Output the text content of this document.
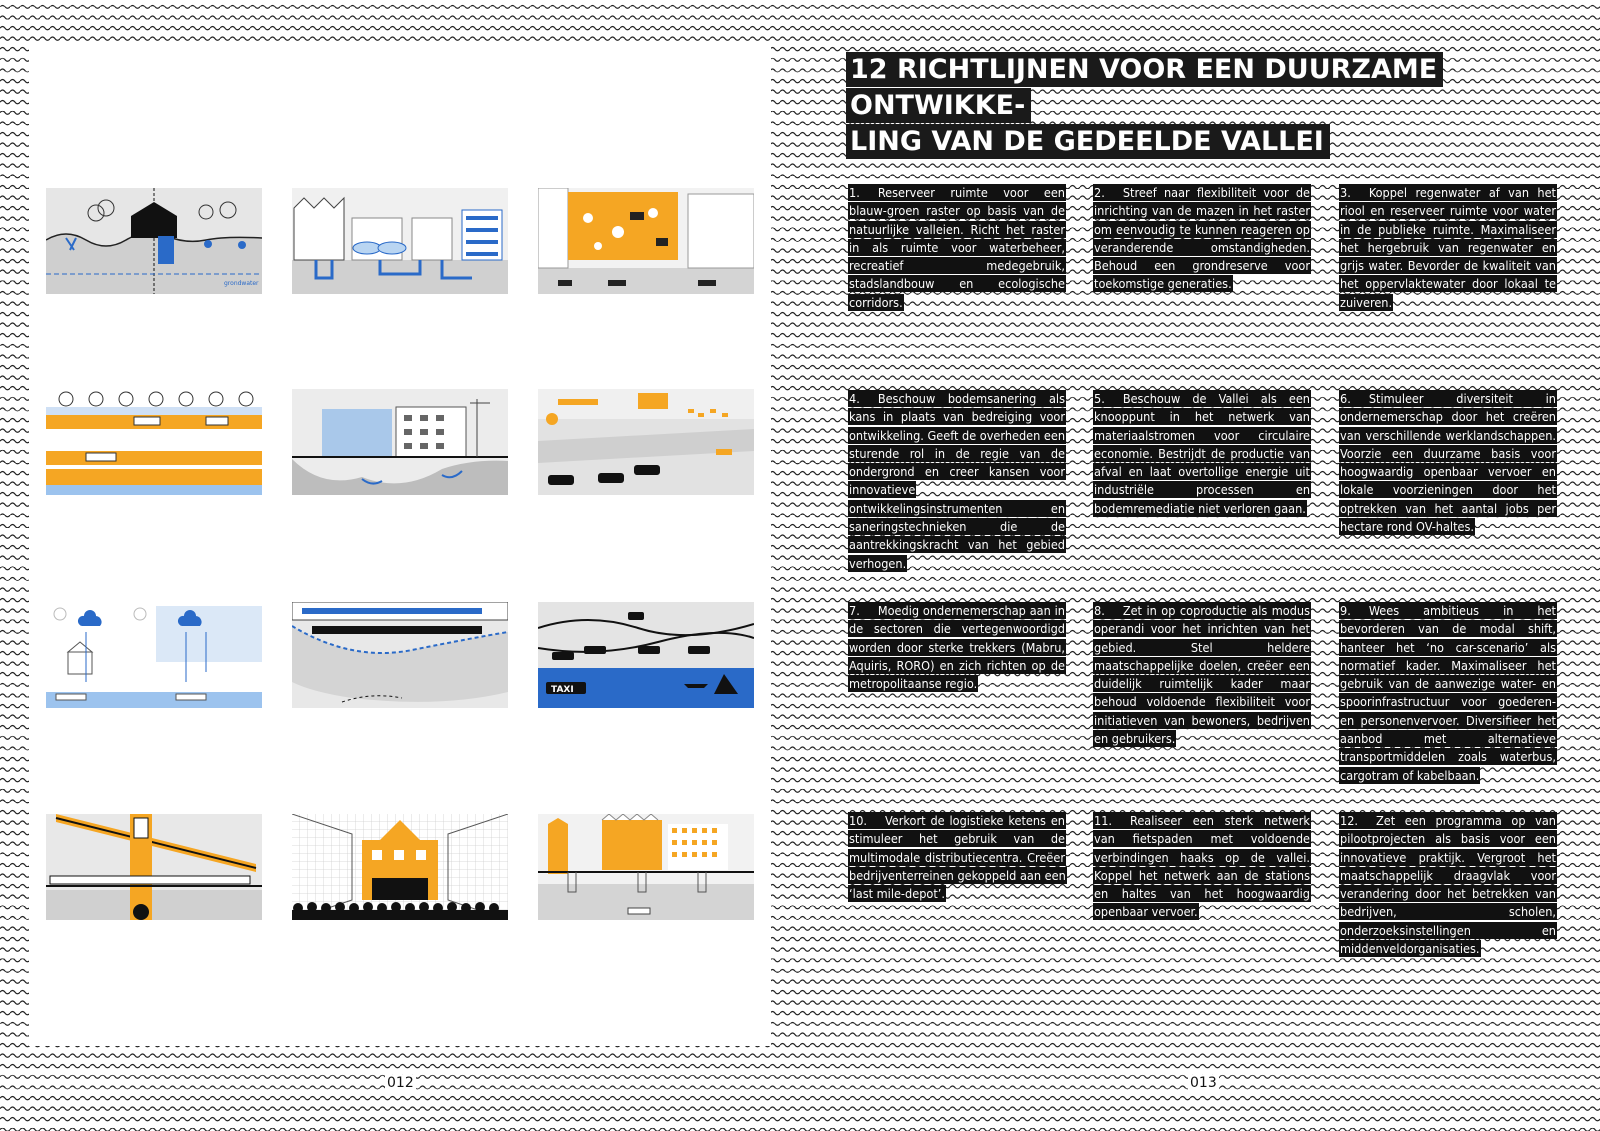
grondwater
TAXI
012	013
12 RICHTLIJNEN VOOR EEN DUURZAME ONTWIKKE-
LING VAN DE GEDEELDE VALLEI
1. Reserveer ruimte voor een blauw-groen raster op basis van de natuurlijke valleien. Richt het raster in als ruimte voor waterbeheer, recreatief medegebruik, stadslandbouw en ecologische corridors.
2. Streef naar flexibiliteit voor de inrichting van de mazen in het raster om eenvoudig te kunnen reageren op veranderende omstandigheden. Behoud een grondreserve voor toekomstige generaties.
3. Koppel regenwater af van het riool en reserveer ruimte voor water in de publieke ruimte. Maximaliseer het hergebruik van regenwater en grijs water. Bevorder de kwaliteit van het oppervlaktewater door lokaal te zuiveren.
4. Beschouw bodemsanering als kans in plaats van bedreiging voor ontwikkeling. Geeft de overheden een sturende rol in de regie van de ondergrond en creer kansen voor innovatieve ontwikkelingsinstrumenten en saneringstechnieken die de aantrekkingskracht van het gebied verhogen.
5. Beschouw de Vallei als een knooppunt in het netwerk van materiaalstromen voor circulaire economie. Bestrijdt de productie van afval en laat overtollige energie uit industriële processen en bodemremediatie niet verloren gaan.
6. Stimuleer diversiteit in ondernemerschap door het creëren van verschillende werklandschappen. Voorzie een duurzame basis voor hoogwaardig openbaar vervoer en lokale voorzieningen door het optrekken van het aantal jobs per hectare rond OV-haltes.
7. Moedig ondernemerschap aan in de sectoren die vertegenwoordigd worden door sterke trekkers (Mabru, Aquiris, RORO) en zich richten op de metropolitaanse regio.
8. Zet in op coproductie als modus operandi voor het inrichten van het gebied. Stel heldere maatschappelijke doelen, creëer een duidelijk ruimtelijk kader maar behoud voldoende flexibiliteit voor initiatieven van bewoners, bedrijven en gebruikers.
9. Wees ambitieus in het bevorderen van de modal shift, hanteer het ‘no car-scenario’ als normatief kader. Maximaliseer het gebruik van de aanwezige water- en spoorinfrastructuur voor goederen- en personenvervoer. Diversifieer het aanbod met alternatieve transportmiddelen zoals waterbus, cargotram of kabelbaan.
10. Verkort de logistieke ketens en stimuleer het gebruik van de multimodale distributiecentra. Creëer bedrijventerreinen gekoppeld aan een ‘last mile-depot’.
11. Realiseer een sterk netwerk van fietspaden met voldoende verbindingen haaks op de vallei. Koppel het netwerk aan de stations en haltes van het hoogwaardig openbaar vervoer.
12. Zet een programma op van pilootprojecten als basis voor een innovatieve praktijk. Vergroot het maatschappelijk draagvlak voor verandering door het betrekken van bedrijven, scholen, onderzoeksinstellingen en middenveldorganisaties.
